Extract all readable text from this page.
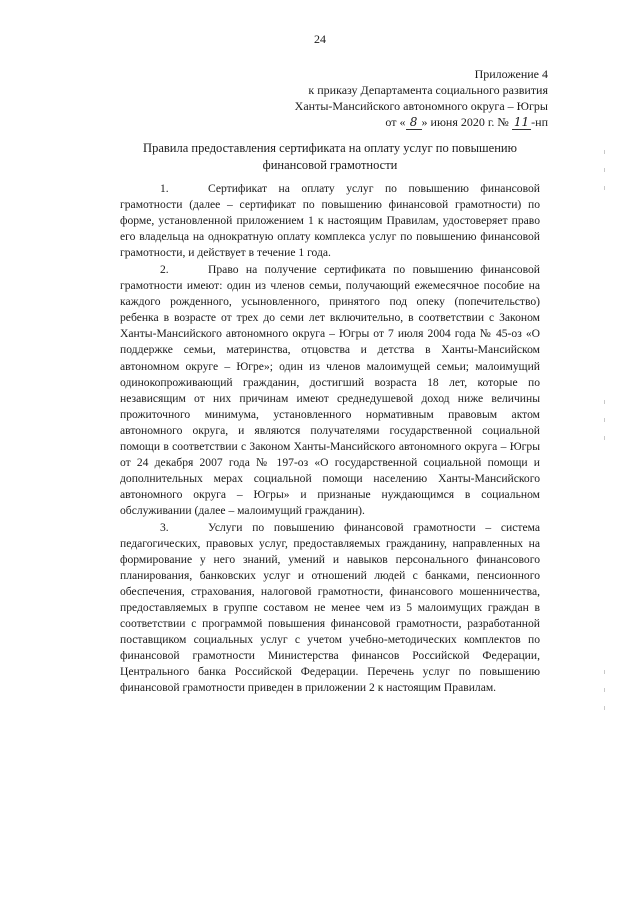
24
Приложение 4
к приказу Департамента социального развития
Ханты-Мансийского автономного округа – Югры
от « 8 » июня 2020 г. № 11 -нп
Правила предоставления сертификата на оплату услуг по повышению
финансовой грамотности

1.	Сертификат на оплату услуг по повышению финансовой грамотности (далее – сертификат по повышению финансовой грамотности) по форме, установленной приложением 1 к настоящим Правилам, удостоверяет право его владельца на однократную оплату комплекса услуг по повышению финансовой грамотности, и действует в течение 1 года.

2.	Право на получение сертификата по повышению финансовой грамотности имеют: один из членов семьи, получающий ежемесячное пособие на каждого рожденного, усыновленного, принятого под опеку (попечительство) ребенка в возрасте от трех до семи лет включительно, в соответствии с Законом Ханты-Мансийского автономного округа – Югры от 7 июля 2004 года № 45-оз «О поддержке семьи, материнства, отцовства и детства в Ханты-Мансийском автономном округе – Югре»; один из членов малоимущей семьи; малоимущий одинокопроживающий гражданин, достигший возраста 18 лет, которые по независящим от них причинам имеют среднедушевой доход ниже величины прожиточного минимума, установленного нормативным правовым актом автономного округа, и являются получателями государственной социальной помощи в соответствии с Законом Ханты-Мансийского автономного округа – Югры от 24 декабря 2007 года № 197-оз «О государственной социальной помощи и дополнительных мерах социальной помощи населению Ханты-Мансийского автономного округа – Югры» и признаные нуждающимся в социальном обслуживании (далее – малоимущий гражданин).

3.	Услуги по повышению финансовой грамотности – система педагогических, правовых услуг, предоставляемых гражданину, направленных на формирование у него знаний, умений и навыков персонального финансового планирования, банковских услуг и отношений людей с банками, пенсионного обеспечения, страхования, налоговой грамотности, финансового мошенничества, предоставляемых в группе составом не менее чем из 5 малоимущих граждан в соответствии с программой повышения финансовой грамотности, разработанной поставщиком социальных услуг с учетом учебно-методических комплектов по финансовой грамотности Министерства финансов Российской Федерации, Центрального банка Российской Федерации. Перечень услуг по повышению финансовой грамотности приведен в приложении 2 к настоящим Правилам.
